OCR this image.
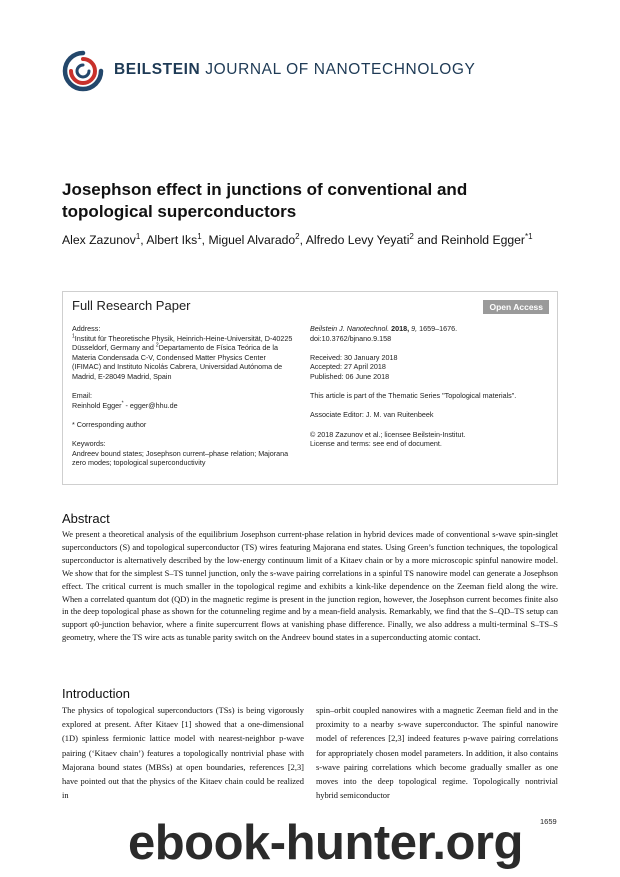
BEILSTEIN JOURNAL OF NANOTECHNOLOGY
Josephson effect in junctions of conventional and topological superconductors
Alex Zazunov$^1$, Albert Iks$^1$, Miguel Alvarado$^2$, Alfredo Levy Yeyati$^2$ and Reinhold Egger$^{*1}$
Full Research Paper	Open Access

Address:

$^1$Institut für Theoretische Physik, Heinrich-Heine-Universität, D-40225 Düsseldorf, Germany and $^2$Departamento de Física Teórica de la Materia Condensada C-V, Condensed Matter Physics Center (IFIMAC) and Instituto Nicolás Cabrera, Universidad Autónoma de Madrid, E-28049 Madrid, Spain

Email:

Reinhold Egger* - egger@hhu.de

* Corresponding author

Keywords:

Andreev bound states; Josephson current–phase relation; Majorana zero modes; topological superconductivity

Beilstein J. Nanotechnol. 2018, 9, 1659–1676.

doi:10.3762/bjnano.9.158

Received: 30 January 2018

Accepted: 27 April 2018

Published: 06 June 2018

This article is part of the Thematic Series "Topological materials".

Associate Editor: J. M. van Ruitenbeek

© 2018 Zazunov et al.; licensee Beilstein-Institut.

License and terms: see end of document.

Abstract

We present a theoretical analysis of the equilibrium Josephson current-phase relation in hybrid devices made of conventional s-wave spin-singlet superconductors (S) and topological superconductor (TS) wires featuring Majorana end states. Using Green’s function techniques, the topological superconductor is alternatively described by the low-energy continuum limit of a Kitaev chain or by a more microscopic spinful nanowire model. We show that for the simplest S–TS tunnel junction, only the s-wave pairing correlations in a spinful TS nanowire model can generate a Josephson effect. The critical current is much smaller in the topological regime and exhibits a kink-like dependence on the Zeeman field along the wire. When a correlated quantum dot (QD) in the magnetic regime is present in the junction region, however, the Josephson current becomes finite also in the deep topological phase as shown for the cotunneling regime and by a mean-field analysis. Remarkably, we find that the S–QD–TS setup can support φ0-junction behavior, where a finite supercurrent flows at vanishing phase difference. Finally, we also address a multi-terminal S–TS–S geometry, where the TS wire acts as tunable parity switch on the Andreev bound states in a superconducting atomic contact.

Introduction

The physics of topological superconductors (TSs) is being vigorously explored at present. After Kitaev [1] showed that a one-dimensional (1D) spinless fermionic lattice model with nearest-neighbor p-wave pairing (‘Kitaev chain’) features a topologically nontrivial phase with Majorana bound states (MBSs) at open boundaries, references [2,3] have pointed out that the physics of the Kitaev chain could be realized in

spin–orbit coupled nanowires with a magnetic Zeeman field and in the proximity to a nearby s-wave superconductor. The spinful nanowire model of references [2,3] indeed features p-wave pairing correlations for appropriately chosen model parameters. In addition, it also contains s-wave pairing correlations which become gradually smaller as one moves into the deep topological regime. Topologically nontrivial hybrid semiconductor

1659
ebook-hunter.org
